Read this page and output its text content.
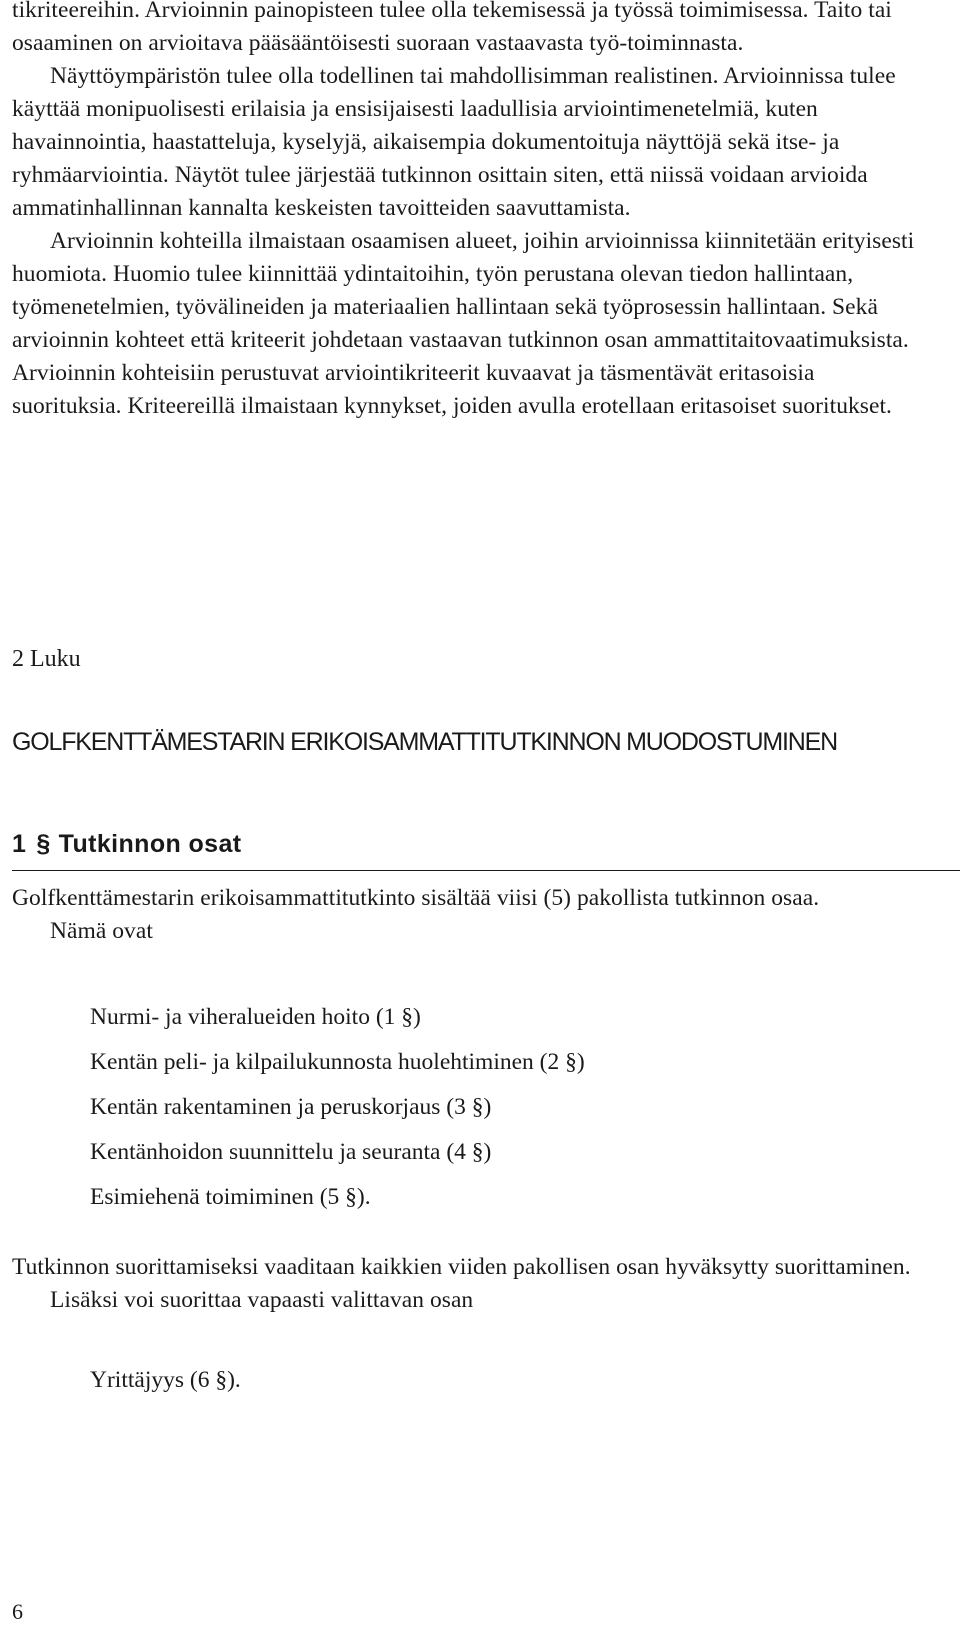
tikriteereihin. Arvioinnin painopisteen tulee olla tekemisessä ja työssä toimimisessa. Taito tai osaaminen on arvioitava pääsääntöisesti suoraan vastaavasta työ-toiminnasta.

Näyttöympäristön tulee olla todellinen tai mahdollisimman realistinen. Arvioinnissa tulee käyttää monipuolisesti erilaisia ja ensisijaisesti laadullisia arviointimenetelmiä, kuten havainnointia, haastatteluja, kyselyjä, aikaisempia dokumentoituja näyttöjä sekä itse- ja ryhmäarviointia. Näytöt tulee järjestää tutkinnon osittain siten, että niissä voidaan arvioida ammatinhallinnan kannalta keskeisten tavoitteiden saavuttamista.

Arvioinnin kohteilla ilmaistaan osaamisen alueet, joihin arvioinnissa kiinnitetään erityisesti huomiota. Huomio tulee kiinnittää ydintaitoihin, työn perustana olevan tiedon hallintaan, työmenetelmien, työvälineiden ja materiaalien hallintaan sekä työprosessin hallintaan. Sekä arvioinnin kohteet että kriteerit johdetaan vastaavan tutkinnon osan ammattitaitovaatimuksista. Arvioinnin kohteisiin perustuvat arviointikriteerit kuvaavat ja täsmentävät eritasoisia suorituksia. Kriteereillä ilmaistaan kynnykset, joiden avulla erotellaan eritasoiset suoritukset.

2 Luku

GOLFKENTTÄMESTARIN ERIKOISAMMATTITUTKINNON MUODOSTUMINEN
1 § Tutkinnon osat

Golfkenttämestarin erikoisammattitutkinto sisältää viisi (5) pakollista tutkinnon osaa.

Nämä ovat

Nurmi- ja viheralueiden hoito (1 §)
Kentän peli- ja kilpailukunnosta huolehtiminen (2 §)
Kentän rakentaminen ja peruskorjaus (3 §)
Kentänhoidon suunnittelu ja seuranta (4 §)
Esimiehenä toimiminen (5 §).

Tutkinnon suorittamiseksi vaaditaan kaikkien viiden pakollisen osan hyväksytty suorittaminen.

Lisäksi voi suorittaa vapaasti valittavan osan

Yrittäjyys (6 §).

6
